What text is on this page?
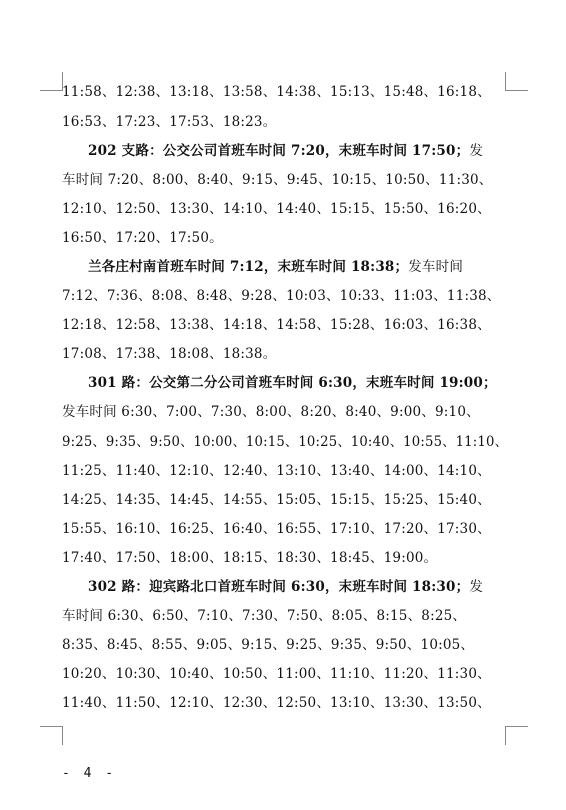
11:58、12:38、13:18、13:58、14:38、15:13、15:48、16:18、
16:53、17:23、17:53、18:23。
202 支路：公交公司首班车时间 7:20，末班车时间 17:50；发
车时间 7:20、8:00、8:40、9:15、9:45、10:15、10:50、11:30、
12:10、12:50、13:30、14:10、14:40、15:15、15:50、16:20、
16:50、17:20、17:50。
兰各庄村南首班车时间 7:12，末班车时间 18:38；发车时间
7:12、7:36、8:08、8:48、9:28、10:03、10:33、11:03、11:38、
12:18、12:58、13:38、14:18、14:58、15:28、16:03、16:38、
17:08、17:38、18:08、18:38。
301 路：公交第二分公司首班车时间 6:30，末班车时间 19:00；
发车时间 6:30、7:00、7:30、8:00、8:20、8:40、9:00、9:10、
9:25、9:35、9:50、10:00、10:15、10:25、10:40、10:55、11:10、
11:25、11:40、12:10、12:40、13:10、13:40、14:00、14:10、
14:25、14:35、14:45、14:55、15:05、15:15、15:25、15:40、
15:55、16:10、16:25、16:40、16:55、17:10、17:20、17:30、
17:40、17:50、18:00、18:15、18:30、18:45、19:00。
302 路：迎宾路北口首班车时间 6:30，末班车时间 18:30；发
车时间 6:30、6:50、7:10、7:30、7:50、8:05、8:15、8:25、
8:35、8:45、8:55、9:05、9:15、9:25、9:35、9:50、10:05、
10:20、10:30、10:40、10:50、11:00、11:10、11:20、11:30、
11:40、11:50、12:10、12:30、12:50、13:10、13:30、13:50、
- 4 -
